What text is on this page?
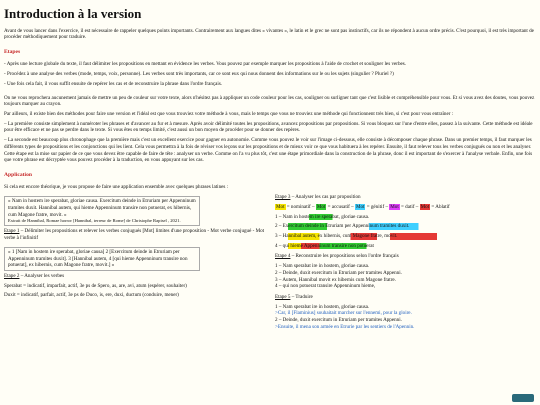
Introduction à la version

Avant de vous lancer dans l'exercice, il est nécessaire de rappeler quelques points importants. Contrairement aux langues dites « vivantes », le latin et le grec ne sont pas instinctifs, car ils ne répondent à aucun ordre précis. C'est pourquoi, il est très important de procéder méthodiquement pour traduire.

Etapes

- Après une lecture globale du texte, il faut délimiter les propositions en mettant en évidence les verbes. Vous pouvez par exemple marquer les propositions à l'aide de crochet et souligner les verbes.

- Procédez à une analyse des verbes (mode, temps, voix, personne). Les verbes sont très importants, car ce sont eux qui nous donnent des informations sur le ou les sujets (singulier ? Pluriel ?)

- Une fois cela fait, il vous suffit ensuite de repérer les cas et de reconstruire la phrase dans l'ordre français.

On ne vous reprochera aucunement jamais de mettre un peu de couleur sur votre texte, alors n'hésitez pas à appliquer un code couleur pour les cas, souligner ou surligner tant que c'est lisible et compréhensible pour vous. Et si vous avez des doutes, vous pouvez toujours marquer au crayon.

Par ailleurs, il existe bien des méthodes pour faire une version et l'idéal est que vous trouviez votre méthode à vous, mais le temps que vous ne trouviez une méthode qui fonctionnent très bien, si c'est pour vous entraîner :

– La première consiste simplement à numéroter les phrases et d'avancer au fur et à mesure. Après avoir délimité toutes les propositions, avancez propositions par propositions. Si vous bloquez sur l'une d'entre elles, passez à la suivante. Cette méthode est idéale pour être efficace et ne pas se perdre dans le texte. Si vous êtes en temps limité, c'est aussi un bon moyen de procéder pour se donner des repères.

– La seconde est beaucoup plus chronophage que la première mais c'est un excellent exercice pour gagner en autonomie. Comme vous pouvez le voir sur l'image ci-dessous, elle consiste à décomposer chaque phrase. Dans un premier temps, il faut marquer les différents types de propositions et les conjonctions qui les lient. Cela vous permettra à la fois de réviser vos leçons sur les propositions et de mieux voir ce que vous habituera à les repérer. Ensuite, il faut relever tous les verbes conjugués ou non et les analyser. Cette étape est la mise sur papier de ce que vous devez être capable de faire de tête : analyser un verbe. Comme on l'a vu plus tôt, c'est une étape primordiale dans la construction de la phrase, donc il est important de s'exercer à l'analyse verbale. Enfin, une fois que votre phrase est décryptée vous pouvez procéder à la traduction, en vous appuyant sur les cas.

Application

Si cela est encore théorique, je vous propose de faire une application ensemble avec quelques phrases latines :

« Nam in hostem ire sperabat, gloriae causa. Exercitum deinde in Etruriam per Appenninum tramites duxit. Hannibal autem, qui hieme Appenninum transire non potuerat, ex hibernis, cum Magone fratre, movit. »
Extrait de Hannibal, Romae horror [Hannibal, terreur de Rome] de Christophe Rapisel , 2021.

Etape 1 – Délimiter les propositions et relever les verbes conjugués [Mot] limites d'une proposition - Mot verbe conjugué - Mot verbe à l'infinitif

« 1 [Nam in hostem ire sperabat, gloriae causa] 2 [Exercitum deinde in Etruriam per Appenninum tramites duxit]. 3 [Hannibal autem, 4 [qui hieme Appenninum transire non potuerat], ex hibernis, cum Magone fratre, movit.] »

Etape 2 – Analyser les verbes

Sperabat = indicatif, imparfait, actif, 3e ps de Spero, as, are, avi, atum (espérer, souhaiter)

Duxit = indicatif, parfait, actif, 3e ps de Duco, is, ere, duxi, ductum (conduire, mener)

Etape 3 – Analyser les cas par proposition

Mot = nominatif – Mot = accusatif – Mot = génitif – Mot = datif – Mot = Ablatif

1 – Nam in hostem ire sperabat, gloriae causa.

2 – Exercitum deinde in Etruriam per Appenninum tramites duxit.

3 – Hannibal autem, ex hibernis, cum Magone fratre, movit.

4 – qui hieme Appenninum transire non potuerat

Etape 4 – Reconstruire les propositions selon l'ordre français

1 – Nam sperabat ire in hostem, gloriae causa.
2 – Deinde, duxit exercitum in Etruriam per tramites Appenni.
3 – Autem, Hannibal movit ex hibernis cum Magone fratre.
4 – qui non potuerat transire Appenninum hieme,

Etape 5 – Traduire

1 – Nam sperabat ire in hostem, gloriae causa.
>Car, il [Flaminius] souhaitait marcher sur l'ennemi, pour la gloire.
2 – Deinde, duxit exercitum in Etruriam per tramites Appenni.
>Ensuite, il mena son armée en Etrurie par les sentiers de l'Apennin.
